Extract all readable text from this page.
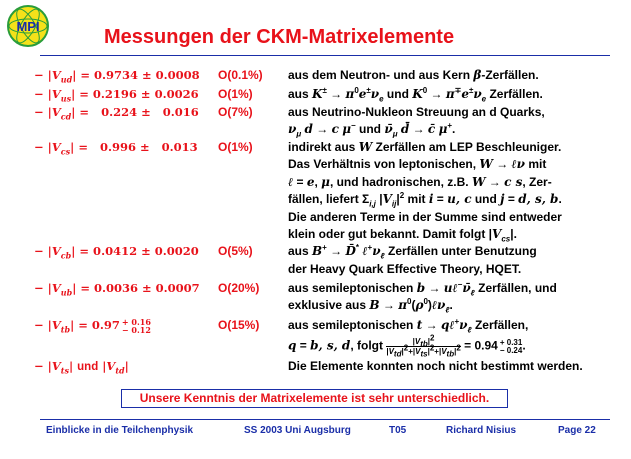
MPI	Messungen der CKM-Matrixelemente
− $|V_{ud}| = 0.9734 \pm 0.0008$ O(0.1%) aus dem Neutron- und aus Kern β-Zerfällen.
− $|V_{us}| = 0.2196 \pm 0.0026$ O(1%)	aus $K^\pm \to \pi^0e^\pm\nu_e$ und $K^0 \to \pi^\mp e^\pm\nu_e$ Zerfällen.
− $|V_{cd}| = 0.224 \pm 0.016$ O(7%)	aus Neutrino-Nukleon Streuung an d Quarks,
$\nu_\mu$ d → c μ− und $\nū_\mu$ d̄ → c̄ μ+.
− $|V_{cs}| = 0.996 \pm 0.013$ O(1%)	indirekt aus W Zerfällen am LEP Beschleuniger.
Das Verhältnis von leptonischen, W → ℓν mit
ℓ = e, μ, und hadronischen, z.B. W → c s, Zer-
fällen, liefert $\Sigma_{i,j}$ $|V_{ij}|^2$ mit i = u, c und j = d, s, b.
Die anderen Terme in der Summe sind entweder
klein oder gut bekannt. Damit folgt $|V_{cs}|$.
− $|V_{cb}| = 0.0412 \pm 0.0020$ O(5%)	aus B+ → D̄* $\ell^+\nu_\ell$ Zerfällen unter Benutzung
der Heavy Quark Effective Theory, HQET.
− $|V_{ub}| = 0.0036 \pm 0.0007$ O(20%) aus semileptonischen $b \to u\ell^-\nū_\ell$ Zerfällen, und
exklusive aus $B \to \pi^0(\rho^0)\ell\nu_\ell$.
− $|V_{tb}| = 0.97 + 0.16$
− 0.12	O(15%) aus semileptonischen $t \to q\ell^+\nu_\ell$ Zerfällen,
q = b, s, d, folgt $\frac{|V_{tb}|^2}{|V_{td}|^2+|V_{ts}|^2+|V_{tb}|^2} = 0.94 + 0.31$
− 0.24.
− $|V_{ts}|$ und $|V_{td}|$	Die Elemente konnten noch nicht bestimmt werden.
Unsere Kenntnis der Matrixelemente ist sehr unterschiedlich.
Einblicke in die Teilchenphysik	SS 2003 Uni Augsburg	T05	Richard Nisius	Page 22
